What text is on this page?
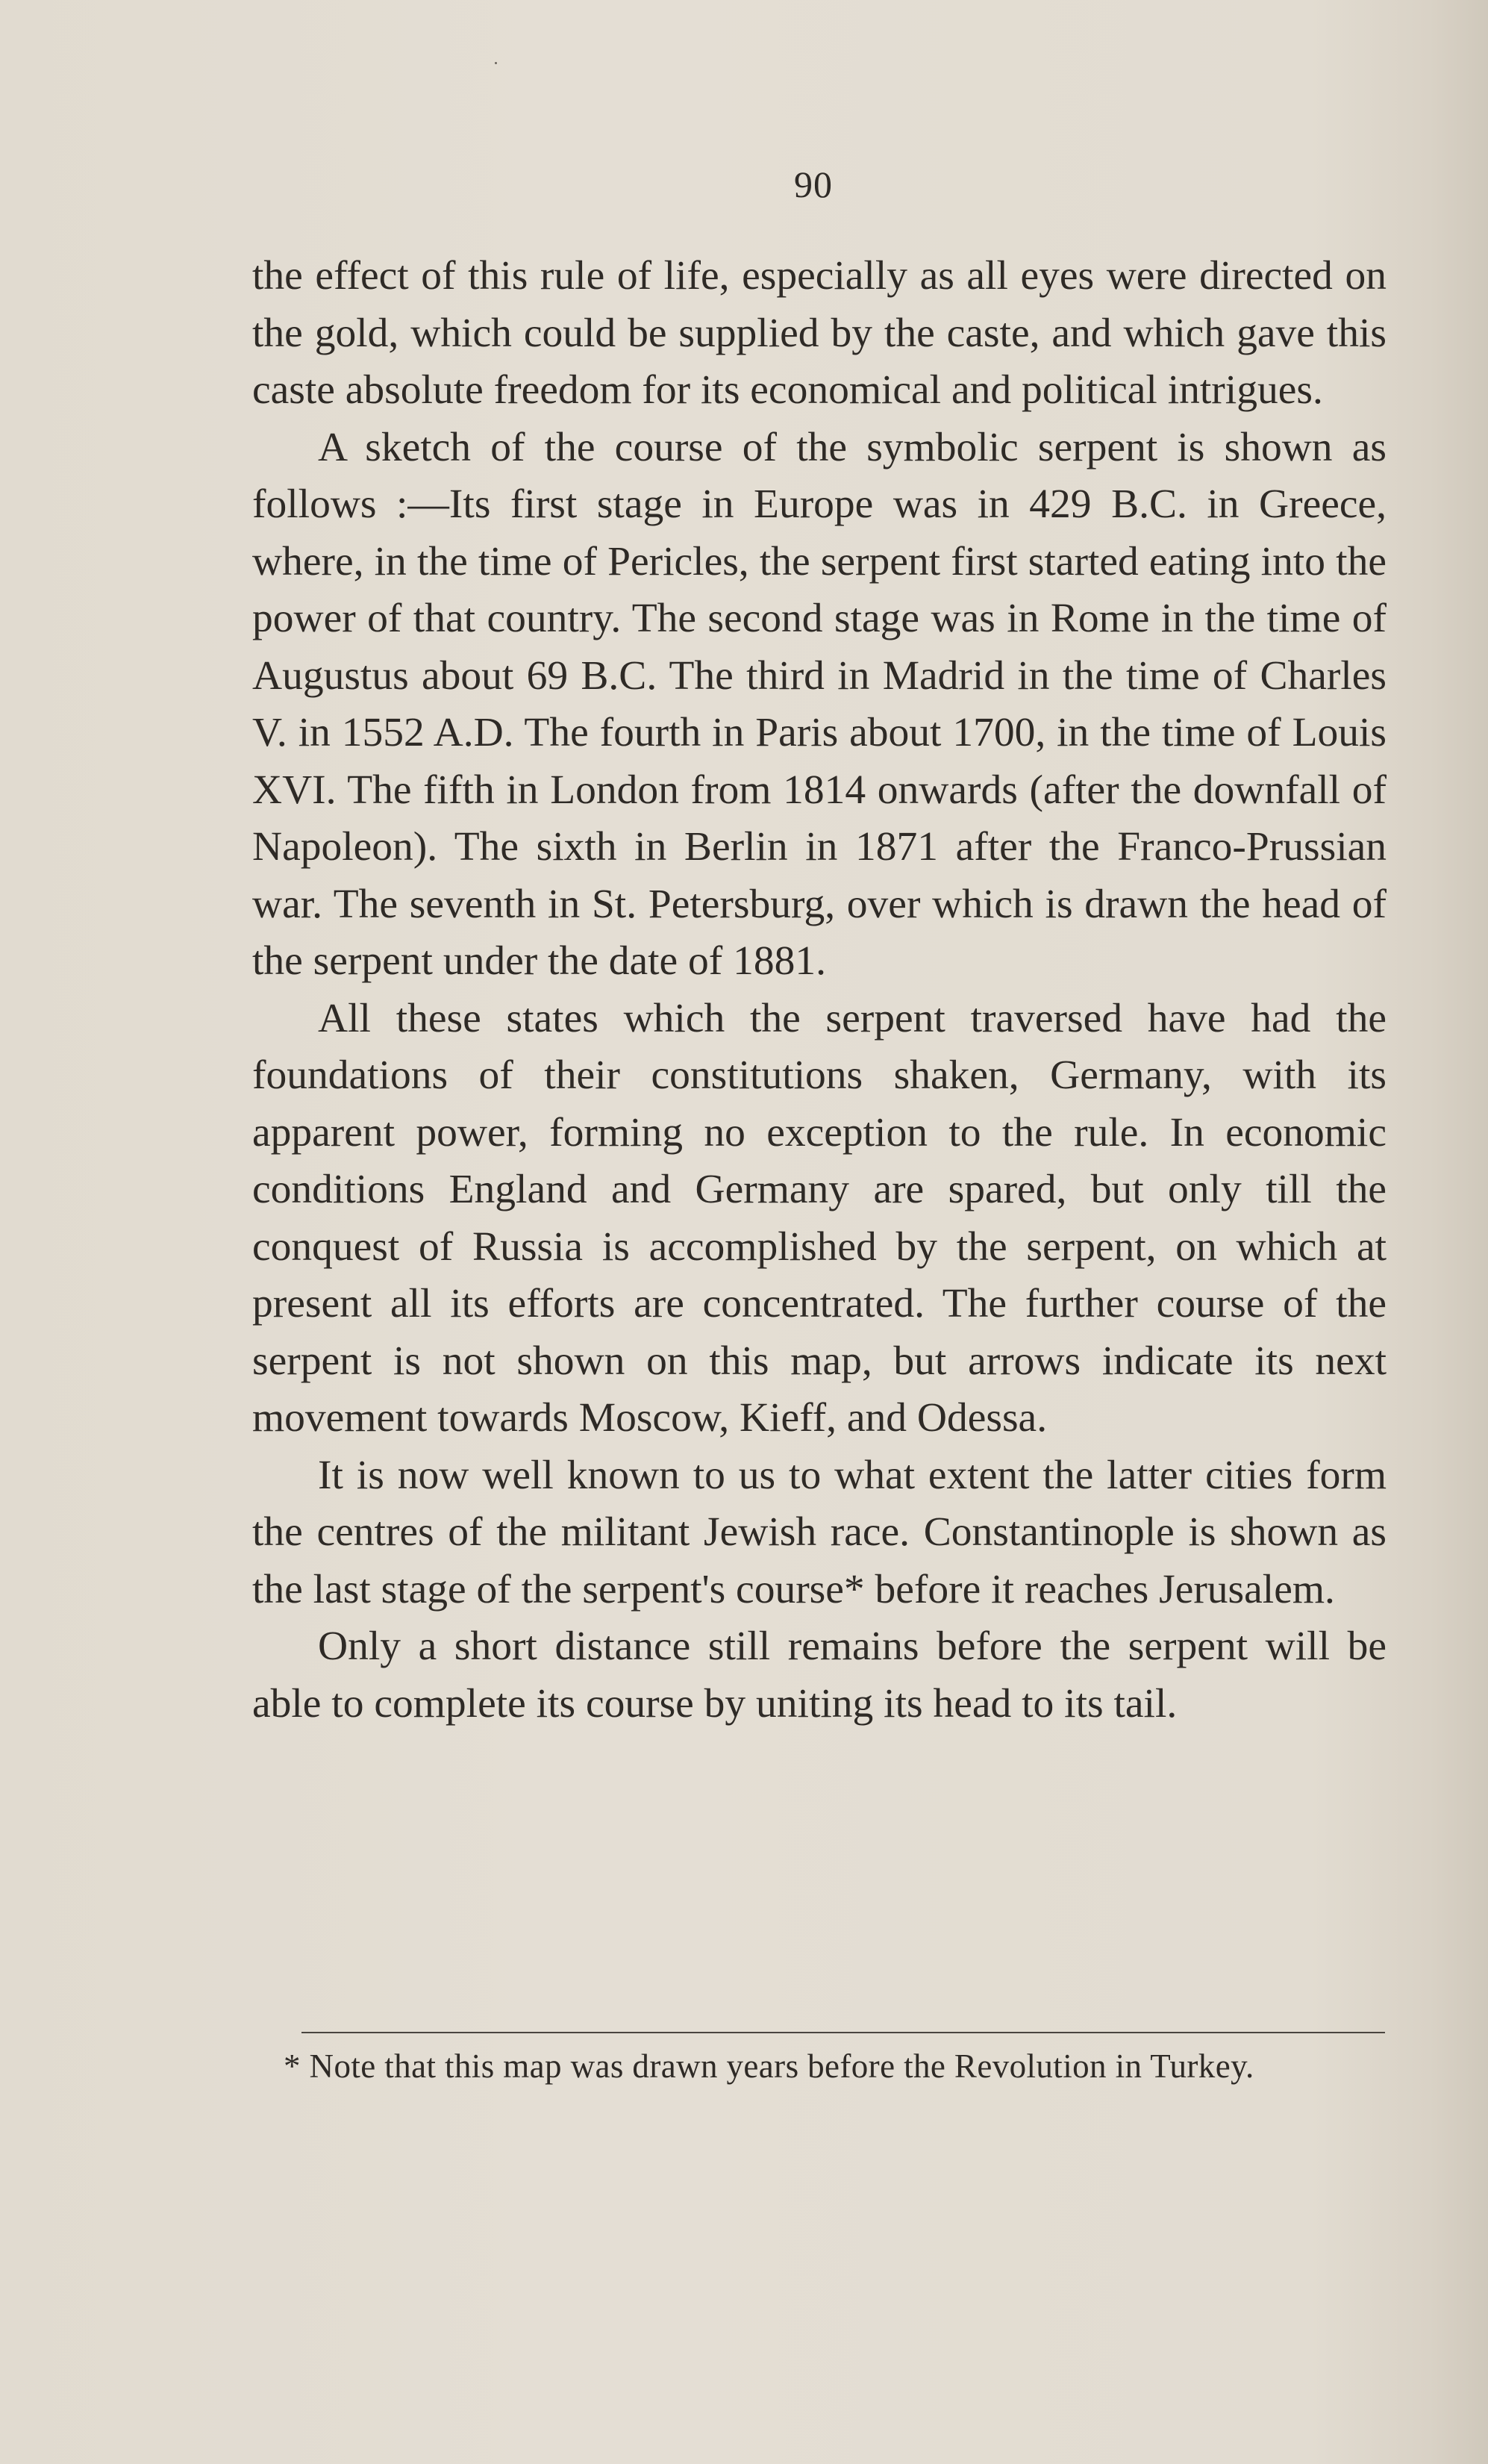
90

the effect of this rule of life, especially as all eyes were directed on the gold, which could be supplied by the caste, and which gave this caste absolute freedom for its economical and political intrigues.

A sketch of the course of the symbolic serpent is shown as follows :—Its first stage in Europe was in 429 B.C. in Greece, where, in the time of Pericles, the serpent first started eating into the power of that country. The second stage was in Rome in the time of Augustus about 69 B.C. The third in Madrid in the time of Charles V. in 1552 A.D. The fourth in Paris about 1700, in the time of Louis XVI. The fifth in London from 1814 onwards (after the downfall of Napoleon). The sixth in Berlin in 1871 after the Franco-Prussian war. The seventh in St. Petersburg, over which is drawn the head of the serpent under the date of 1881.

All these states which the serpent traversed have had the foundations of their constitutions shaken, Germany, with its apparent power, forming no exception to the rule. In economic conditions England and Germany are spared, but only till the conquest of Russia is accomplished by the serpent, on which at present all its efforts are concentrated. The further course of the serpent is not shown on this map, but arrows indicate its next movement towards Moscow, Kieff, and Odessa.

It is now well known to us to what extent the latter cities form the centres of the militant Jewish race. Constantinople is shown as the last stage of the serpent's course* before it reaches Jerusalem.

Only a short distance still remains before the serpent will be able to complete its course by uniting its head to its tail.

* Note that this map was drawn years before the Revolution in Turkey.
